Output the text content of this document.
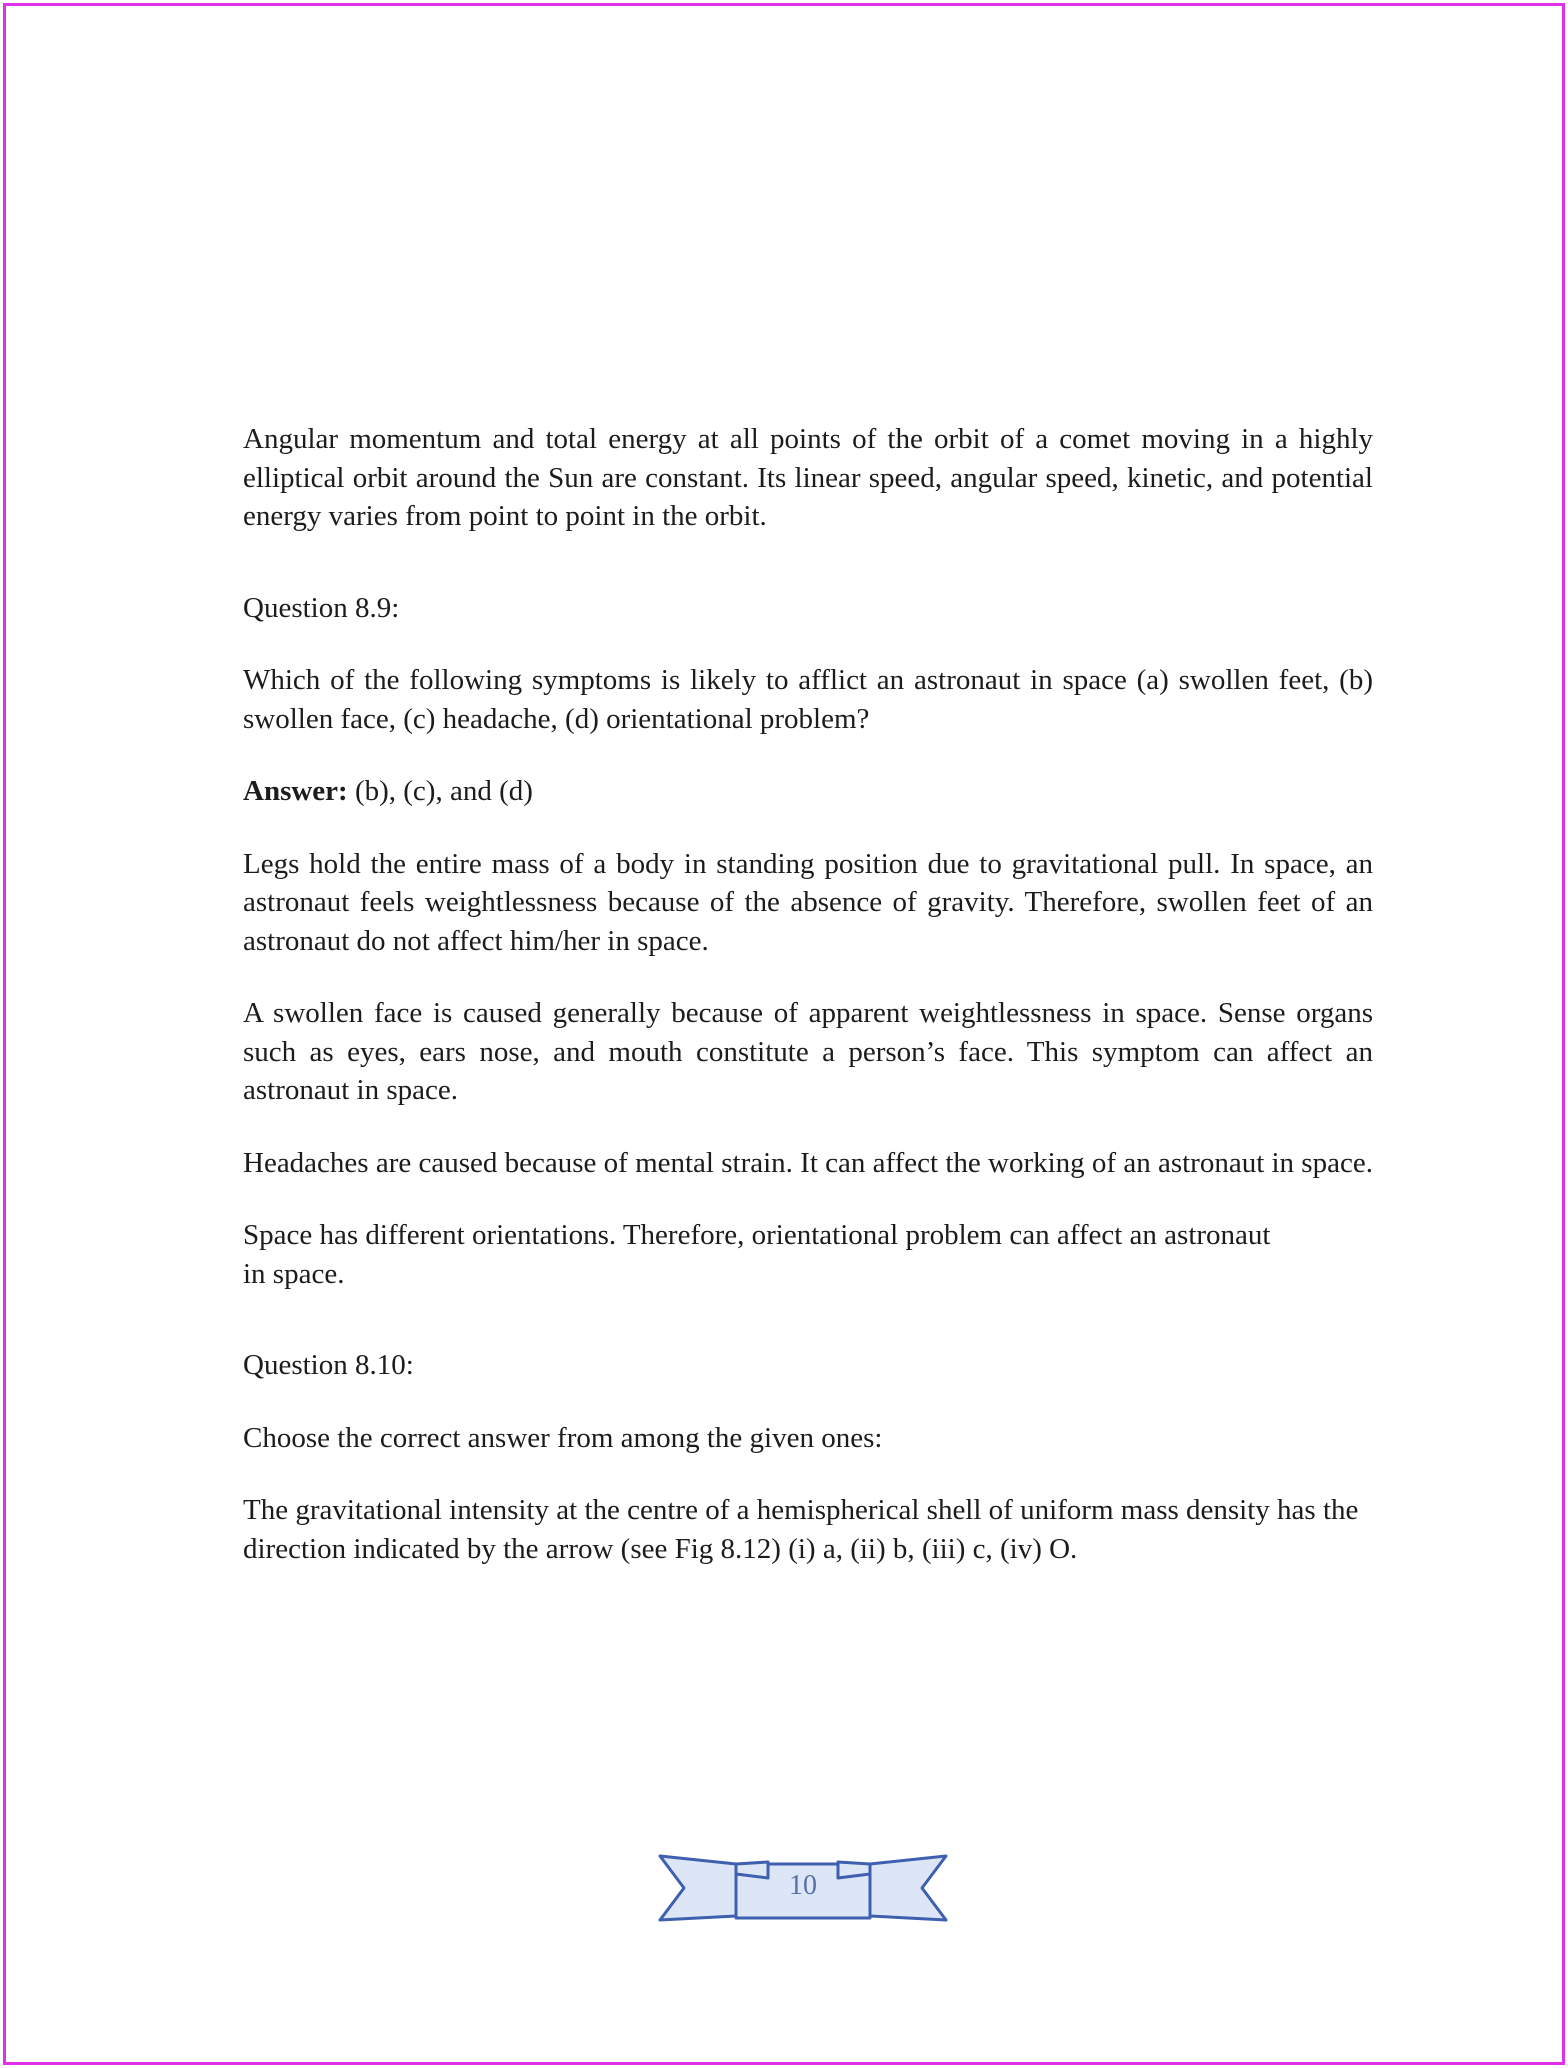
Angular momentum and total energy at all points of the orbit of a comet moving in a highly elliptical orbit around the Sun are constant. Its linear speed, angular speed, kinetic, and potential energy varies from point to point in the orbit.

Question 8.9:

Which of the following symptoms is likely to afflict an astronaut in space (a) swollen feet, (b) swollen face, (c) headache, (d) orientational problem?

Answer: (b), (c), and (d)

Legs hold the entire mass of a body in standing position due to gravitational pull. In space, an astronaut feels weightlessness because of the absence of gravity. Therefore, swollen feet of an astronaut do not affect him/her in space.

A swollen face is caused generally because of apparent weightlessness in space. Sense organs such as eyes, ears nose, and mouth constitute a person’s face. This symptom can affect an astronaut in space.

Headaches are caused because of mental strain. It can affect the working of an astronaut in space.

Space has different orientations. Therefore, orientational problem can affect an astronaut in space.

Question 8.10:

Choose the correct answer from among the given ones:

The gravitational intensity at the centre of a hemispherical shell of uniform mass density has the direction indicated by the arrow (see Fig 8.12) (i) a, (ii) b, (iii) c, (iv) O.

10
